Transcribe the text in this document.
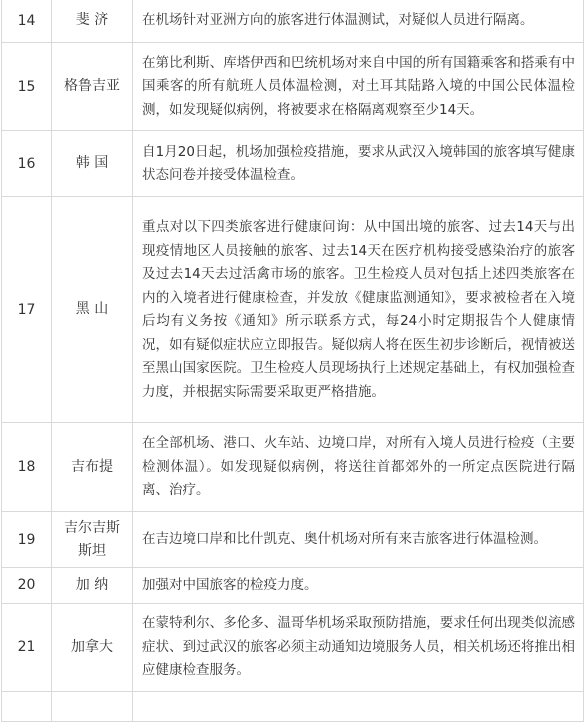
14	斐 济	在机场针对亚洲方向的旅客进行体温测试，对疑似人员进行隔离。
15	格鲁吉亚	在第比利斯、库塔伊西和巴统机场对来自中国的所有国籍乘客和搭乘有中国乘客的所有航班人员体温检测，对土耳其陆路入境的中国公民体温检测，如发现疑似病例，将被要求在格隔离观察至少14天。
16	韩 国	自1月20日起，机场加强检疫措施，要求从武汉入境韩国的旅客填写健康状态问卷并接受体温检查。
17	黑 山	重点对以下四类旅客进行健康问询：从中国出境的旅客、过去14天与出现疫情地区人员接触的旅客、过去14天在医疗机构接受感染治疗的旅客及过去14天去过活禽市场的旅客。卫生检疫人员对包括上述四类旅客在内的入境者进行健康检查，并发放《健康监测通知》，要求被检者在入境后均有义务按《通知》所示联系方式，每24小时定期报告个人健康情况，如有疑似症状应立即报告。疑似病人将在医生初步诊断后，视情被送至黑山国家医院。卫生检疫人员现场执行上述规定基础上，有权加强检查力度，并根据实际需要采取更严格措施。
18	吉布提	在全部机场、港口、火车站、边境口岸，对所有入境人员进行检疫（主要检测体温）。如发现疑似病例，将送往首都郊外的一所定点医院进行隔离、治疗。
19	吉尔吉斯斯坦	在吉边境口岸和比什凯克、奥什机场对所有来吉旅客进行体温检测。
20	加 纳	加强对中国旅客的检疫力度。
21	加拿大	在蒙特利尔、多伦多、温哥华机场采取预防措施，要求任何出现类似流感症状、到过武汉的旅客必须主动通知边境服务人员，相关机场还将推出相应健康检查服务。
